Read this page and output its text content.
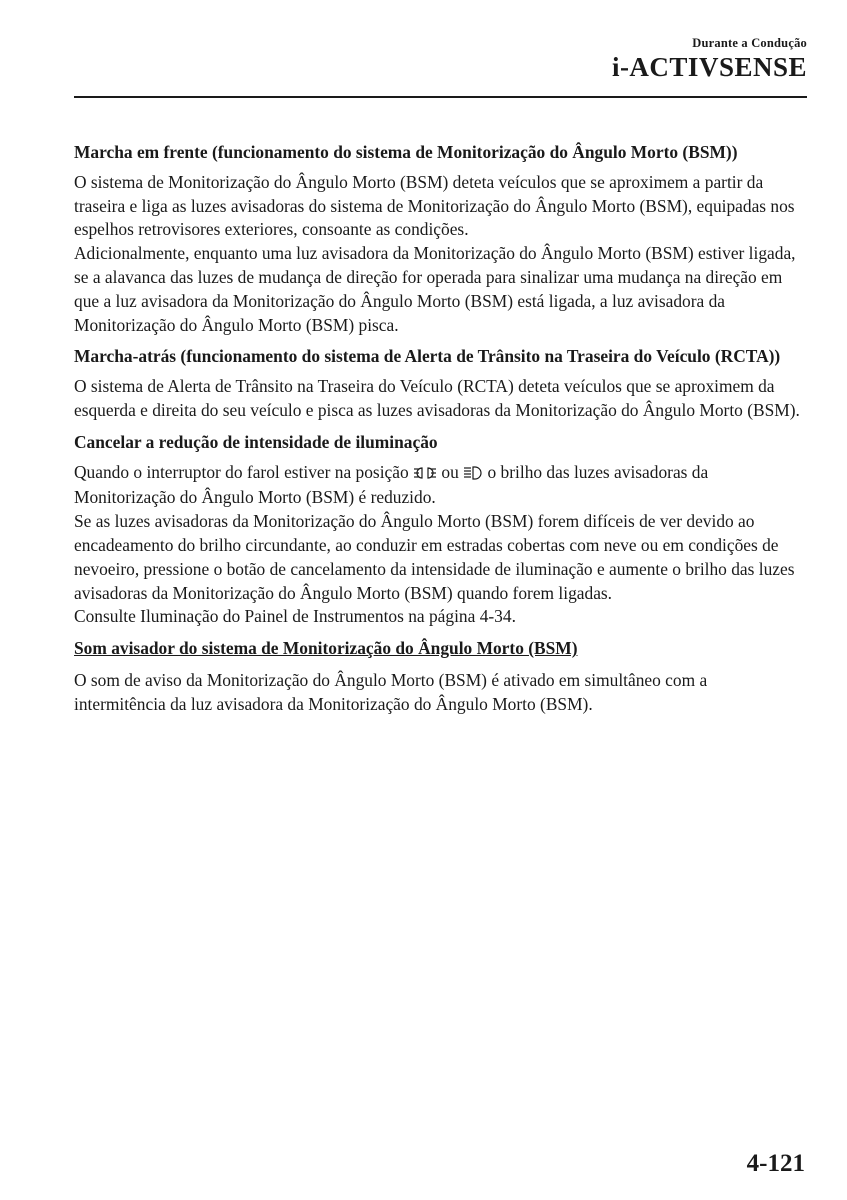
Durante a Condução
i-ACTIVSENSE
Marcha em frente (funcionamento do sistema de Monitorização do Ângulo Morto (BSM))

O sistema de Monitorização do Ângulo Morto (BSM) deteta veículos que se aproximem a partir da traseira e liga as luzes avisadoras do sistema de Monitorização do Ângulo Morto (BSM), equipadas nos espelhos retrovisores exteriores, consoante as condições.

Adicionalmente, enquanto uma luz avisadora da Monitorização do Ângulo Morto (BSM) estiver ligada, se a alavanca das luzes de mudança de direção for operada para sinalizar uma mudança na direção em que a luz avisadora da Monitorização do Ângulo Morto (BSM) está ligada, a luz avisadora da Monitorização do Ângulo Morto (BSM) pisca.

Marcha-atrás (funcionamento do sistema de Alerta de Trânsito na Traseira do Veículo (RCTA))

O sistema de Alerta de Trânsito na Traseira do Veículo (RCTA) deteta veículos que se aproximem da esquerda e direita do seu veículo e pisca as luzes avisadoras da Monitorização do Ângulo Morto (BSM).

Cancelar a redução de intensidade de iluminação

Quando o interruptor do farol estiver na posição ou o brilho das luzes avisadoras da Monitorização do Ângulo Morto (BSM) é reduzido.

Se as luzes avisadoras da Monitorização do Ângulo Morto (BSM) forem difíceis de ver devido ao encadeamento do brilho circundante, ao conduzir em estradas cobertas com neve ou em condições de nevoeiro, pressione o botão de cancelamento da intensidade de iluminação e aumente o brilho das luzes avisadoras da Monitorização do Ângulo Morto (BSM) quando forem ligadas.

Consulte Iluminação do Painel de Instrumentos na página 4-34.

Som avisador do sistema de Monitorização do Ângulo Morto (BSM)

O som de aviso da Monitorização do Ângulo Morto (BSM) é ativado em simultâneo com a intermitência da luz avisadora da Monitorização do Ângulo Morto (BSM).

4-121
